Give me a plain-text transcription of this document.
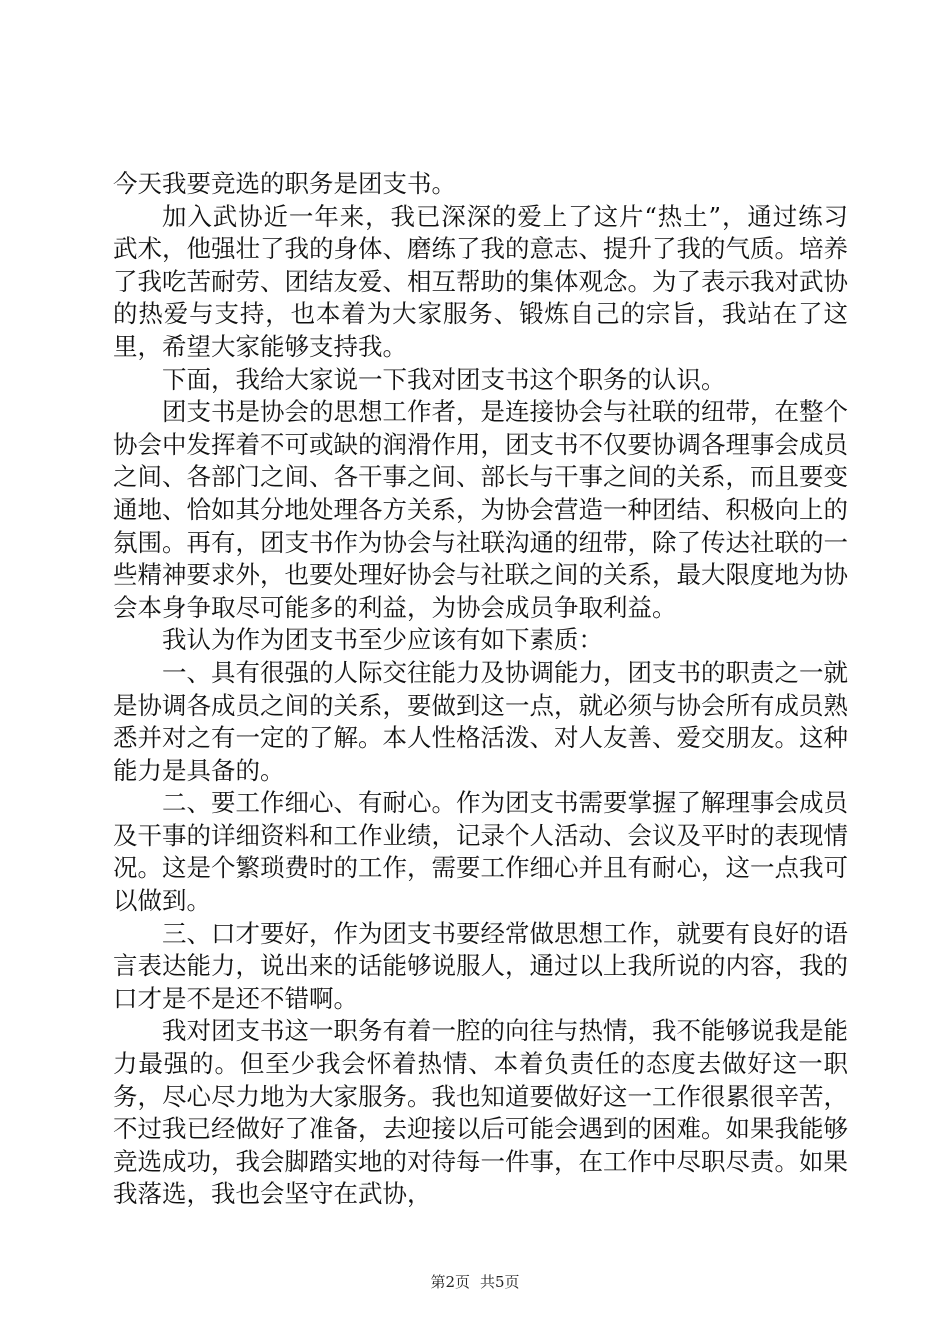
今天我要竞选的职务是团支书。

加入武协近一年来，我已深深的爱上了这片“热土”，通过练习武术，他强壮了我的身体、磨练了我的意志、提升了我的气质。培养了我吃苦耐劳、团结友爱、相互帮助的集体观念。为了表示我对武协的热爱与支持，也本着为大家服务、锻炼自己的宗旨，我站在了这里，希望大家能够支持我。

下面，我给大家说一下我对团支书这个职务的认识。

团支书是协会的思想工作者，是连接协会与社联的纽带，在整个协会中发挥着不可或缺的润滑作用，团支书不仅要协调各理事会成员之间、各部门之间、各干事之间、部长与干事之间的关系，而且要变通地、恰如其分地处理各方关系，为协会营造一种团结、积极向上的氛围。再有，团支书作为协会与社联沟通的纽带，除了传达社联的一些精神要求外，也要处理好协会与社联之间的关系，最大限度地为协会本身争取尽可能多的利益，为协会成员争取利益。

我认为作为团支书至少应该有如下素质：

一、具有很强的人际交往能力及协调能力，团支书的职责之一就是协调各成员之间的关系，要做到这一点，就必须与协会所有成员熟悉并对之有一定的了解。本人性格活泼、对人友善、爱交朋友。这种能力是具备的。

二、要工作细心、有耐心。作为团支书需要掌握了解理事会成员及干事的详细资料和工作业绩，记录个人活动、会议及平时的表现情况。这是个繁琐费时的工作，需要工作细心并且有耐心，这一点我可以做到。

三、口才要好，作为团支书要经常做思想工作，就要有良好的语言表达能力，说出来的话能够说服人，通过以上我所说的内容，我的口才是不是还不错啊。

我对团支书这一职务有着一腔的向往与热情，我不能够说我是能力最强的。但至少我会怀着热情、本着负责任的态度去做好这一职务，尽心尽力地为大家服务。我也知道要做好这一工作很累很辛苦，不过我已经做好了准备，去迎接以后可能会遇到的困难。如果我能够竞选成功，我会脚踏实地的对待每一件事，在工作中尽职尽责。如果我落选，我也会坚守在武协，

第2页 共5页
